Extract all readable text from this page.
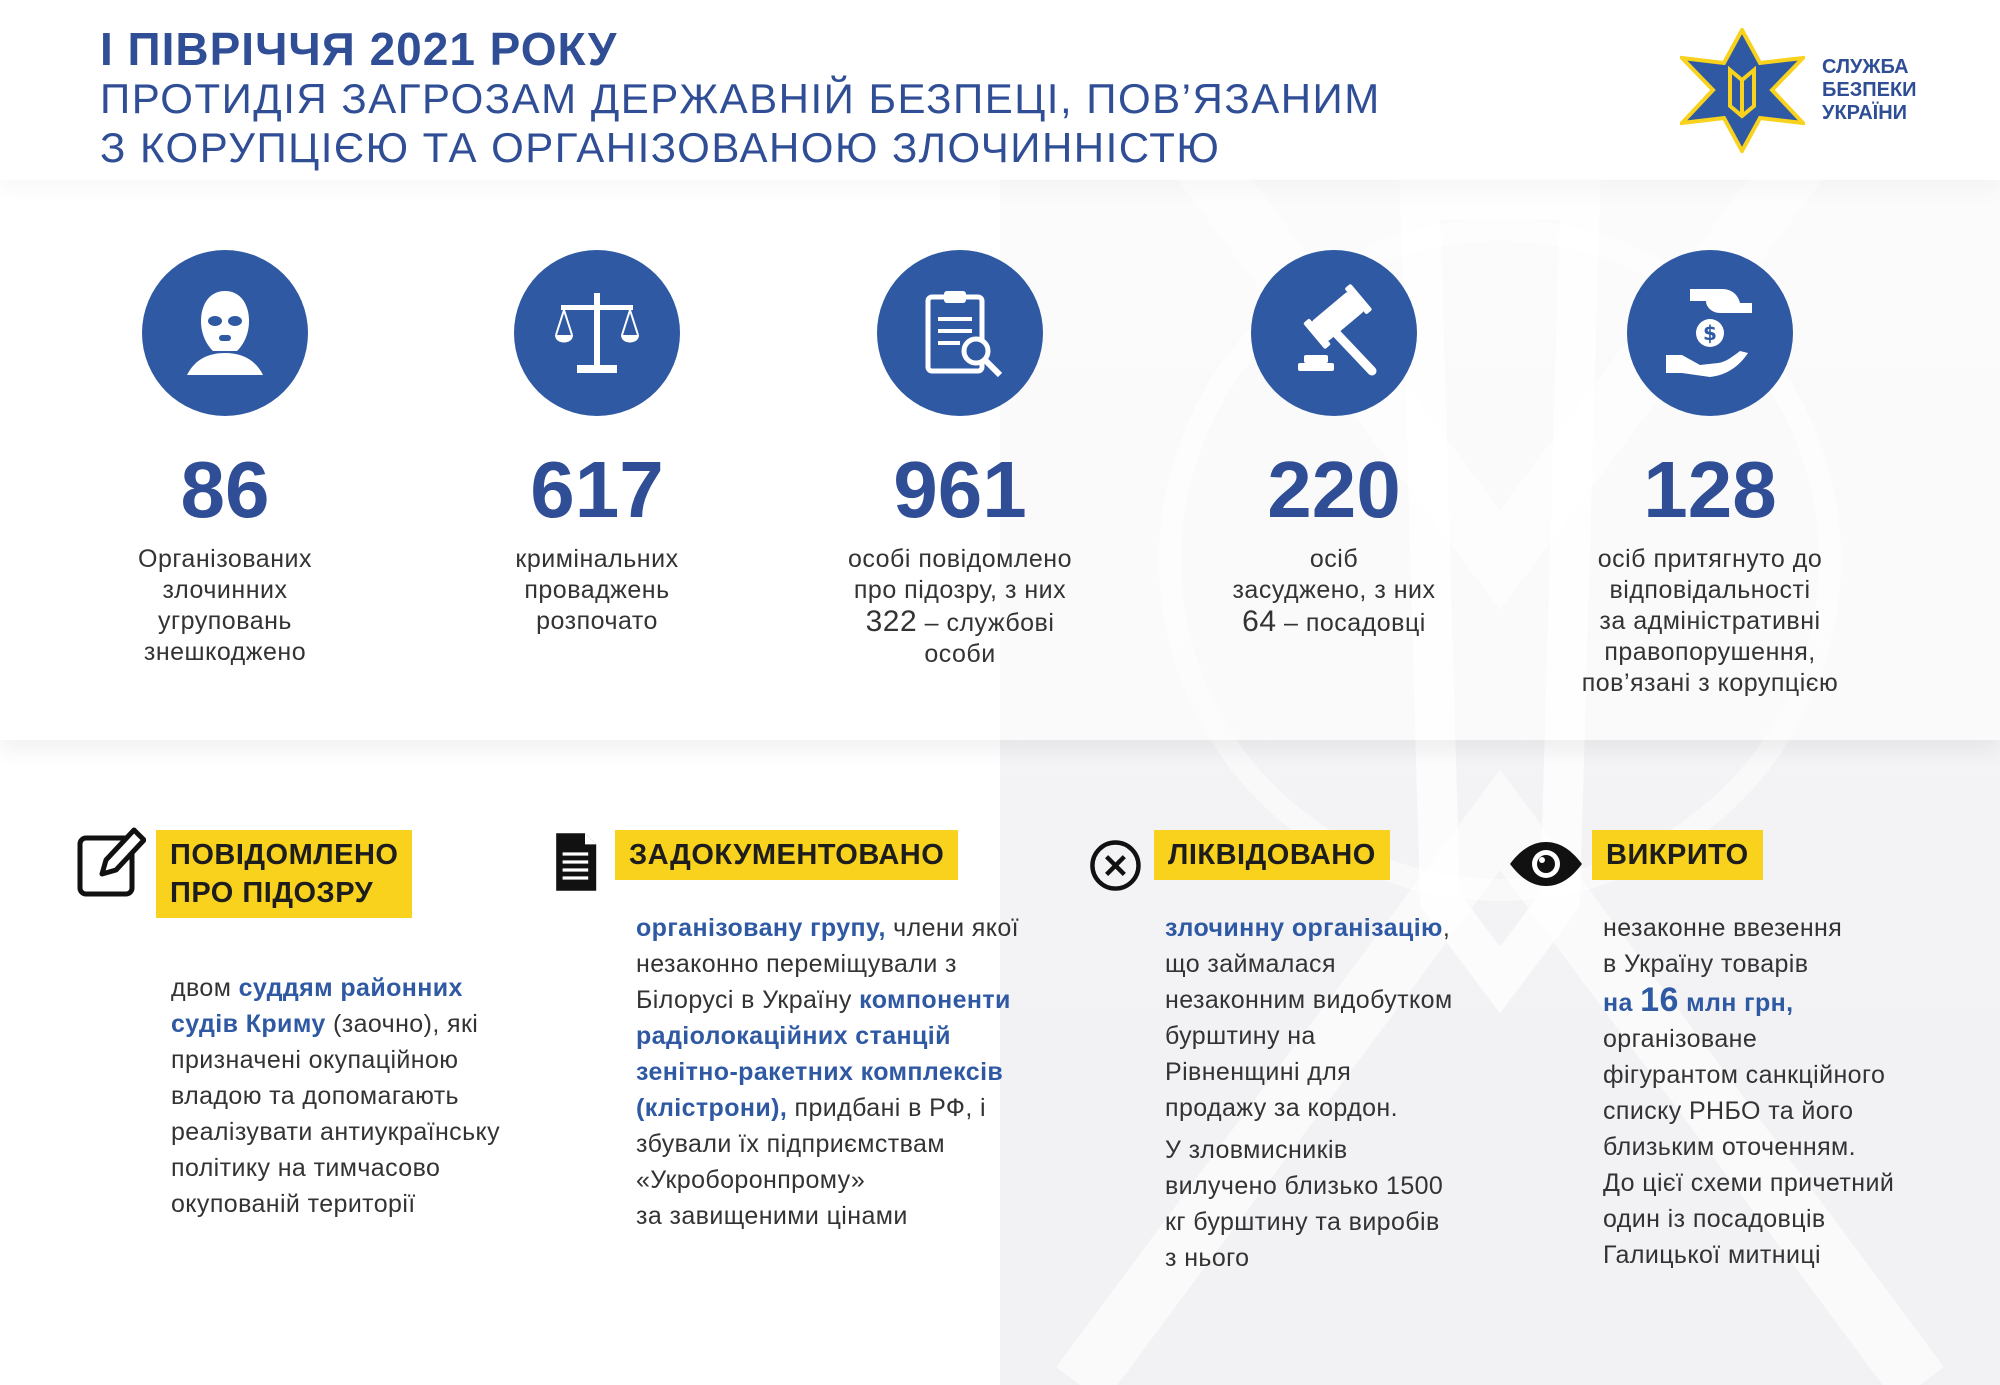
І ПІВРІЧЧЯ 2021 РОКУ
ПРОТИДІЯ ЗАГРОЗАМ ДЕРЖАВНІЙ БЕЗПЕЦІ, ПОВ’ЯЗАНИМ
З КОРУПЦІЄЮ ТА ОРГАНІЗОВАНОЮ ЗЛОЧИННІСТЮ
СЛУЖБА
БЕЗПЕКИ
УКРАЇНИ
86
Організованих
злочинних
угруповань
знешкоджено
617
кримінальних
проваджень
розпочато
961
особі повідомлено
про підозру, з них
322 – службові
особи
220
осіб
засуджено, з них
64 – посадовці
$
128
осіб притягнуто до
відповідальності
за адміністративні
правопорушення,
пов’язані з корупцією
ПОВІДОМЛЕНО
ПРО ПІДОЗРУ
двом суддям районних
судів Криму (заочно), які
призначені окупаційною
владою та допомагають
реалізувати антиукраїнську
політику на тимчасово
окупованій території
ЗАДОКУМЕНТОВАНО
організовану групу, члени якої
незаконно переміщували з
Білорусі в Україну компоненти
радіолокаційних станцій
зенітно-ракетних комплексів
(клістрони), придбані в РФ, і
збували їх підприємствам
«Укроборонпрому»
за завищеними цінами
ЛІКВІДОВАНО
злочинну організацію,
що займалася
незаконним видобутком
бурштину на
Рівненщині для
продажу за кордон.
У зловмисників
вилучено близько 1500
кг бурштину та виробів
з нього
ВИКРИТО
незаконне ввезення
в Україну товарів
на 16 млн грн,
організоване
фігурантом санкційного
списку РНБО та його
близьким оточенням.
До цієї схеми причетний
один із посадовців
Галицької митниці
